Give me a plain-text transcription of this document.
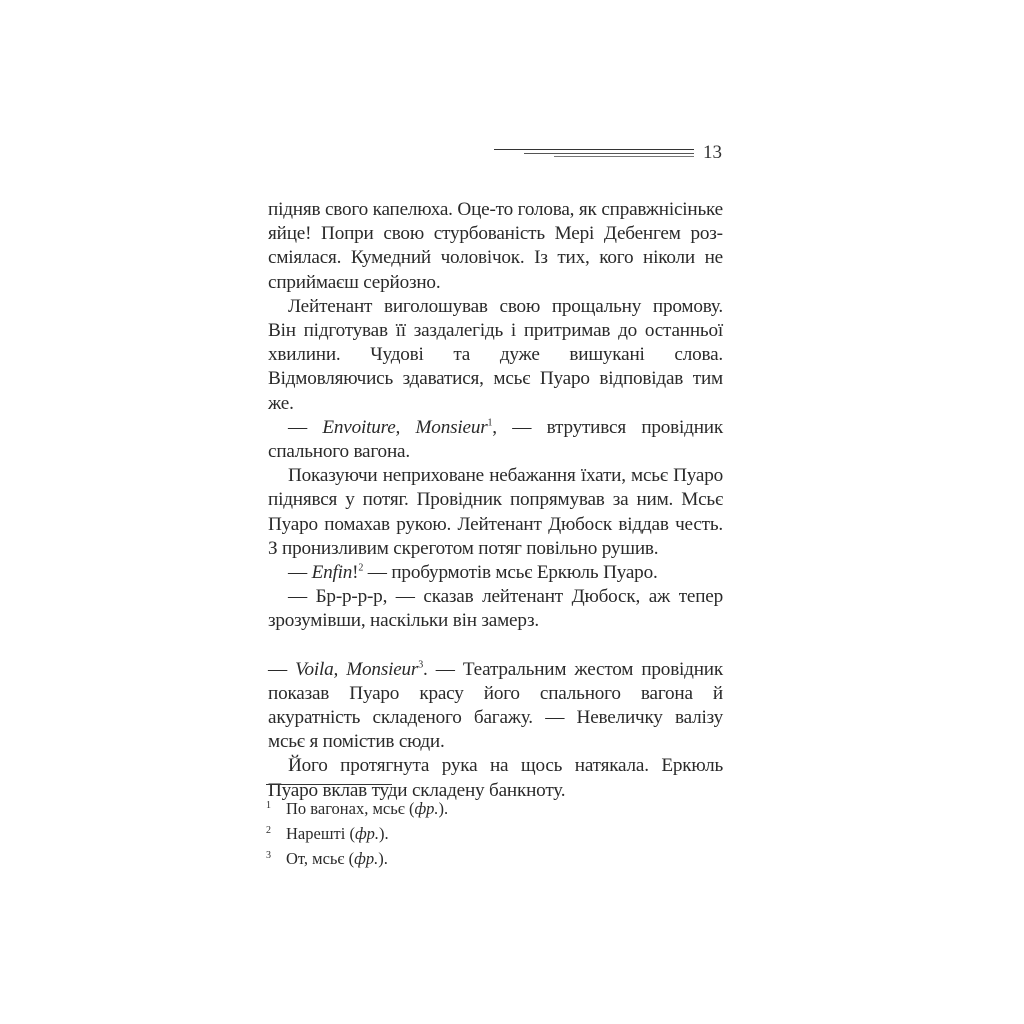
13

підняв свого капелюха. Оце-то голова, як справжнісіньке яйце! Попри свою стурбованість Мері Дебенгем розсміялася. Кумедний чоловічок. Із тих, кого ніколи не сприймаєш серйозно.

Лейтенант виголошував свою прощальну промову. Він підготував її заздалегідь і притримав до останньої хвилини. Чудові та дуже вишукані слова. Відмовляючись здаватися, мсьє Пуаро відповідав тим же.

— Envoiture, Monsieur$^1$, — втрутився провідник спального вагона.

Показуючи неприховане небажання їхати, мсьє Пуаро піднявся у потяг. Провідник попрямував за ним. Мсьє Пуаро помахав рукою. Лейтенант Дюбоск віддав честь. З пронизливим скреготом потяг повільно рушив.

— Enfin!$^2$ — пробурмотів мсьє Еркюль Пуаро.

— Бр-р-р-р, — сказав лейтенант Дюбоск, аж тепер зрозумівши, наскільки він замерз.

— Voila, Monsieur$^3$. — Театральним жестом провідник показав Пуаро красу його спального вагона й акуратність складеного багажу. — Невеличку валізу мсьє я помістив сюди.

Його протягнута рука на щось натякала. Еркюль Пуаро вклав туди складену банкноту.

1 По вагонах, мсьє (фр.).
2 Нарешті (фр.).
3 От, мсьє (фр.).
